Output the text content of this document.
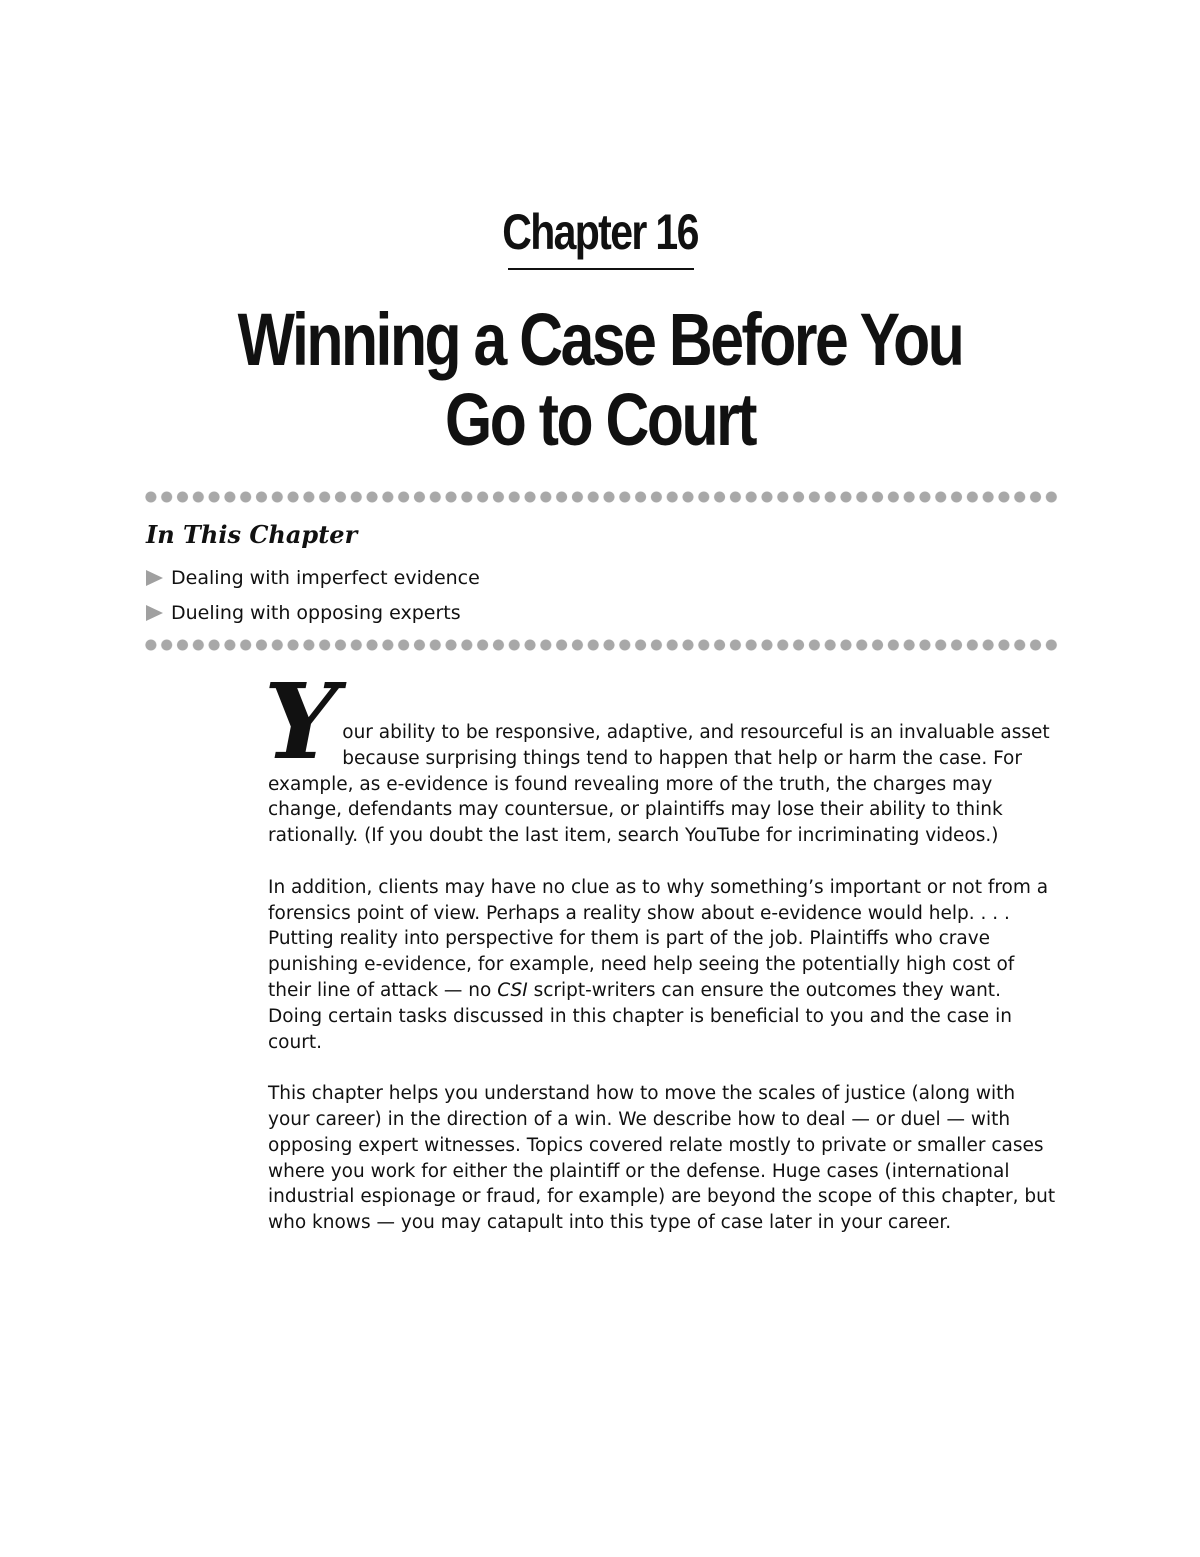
Chapter 16
Winning a Case Before You
Go to Court
In This Chapter
Dealing with imperfect evidence
Dueling with opposing experts

Your ability to be responsive, adaptive, and resourceful is an invaluable asset because surprising things tend to happen that help or harm the case. For example, as e-evidence is found revealing more of the truth, the charges may change, defendants may countersue, or plaintiffs may lose their ability to think rationally. (If you doubt the last item, search YouTube for incriminating videos.)

In addition, clients may have no clue as to why something’s important or not from a forensics point of view. Perhaps a reality show about e-evidence would help. . . . Putting reality into perspective for them is part of the job. Plaintiffs who crave punishing e-evidence, for example, need help seeing the potentially high cost of their line of attack — no CSI script-writers can ensure the outcomes they want. Doing certain tasks discussed in this chapter is beneficial to you and the case in court.

This chapter helps you understand how to move the scales of justice (along with your career) in the direction of a win. We describe how to deal — or duel — with opposing expert witnesses. Topics covered relate mostly to private or smaller cases where you work for either the plaintiff or the defense. Huge cases (international industrial espionage or fraud, for example) are beyond the scope of this chapter, but who knows — you may catapult into this type of case later in your career.
